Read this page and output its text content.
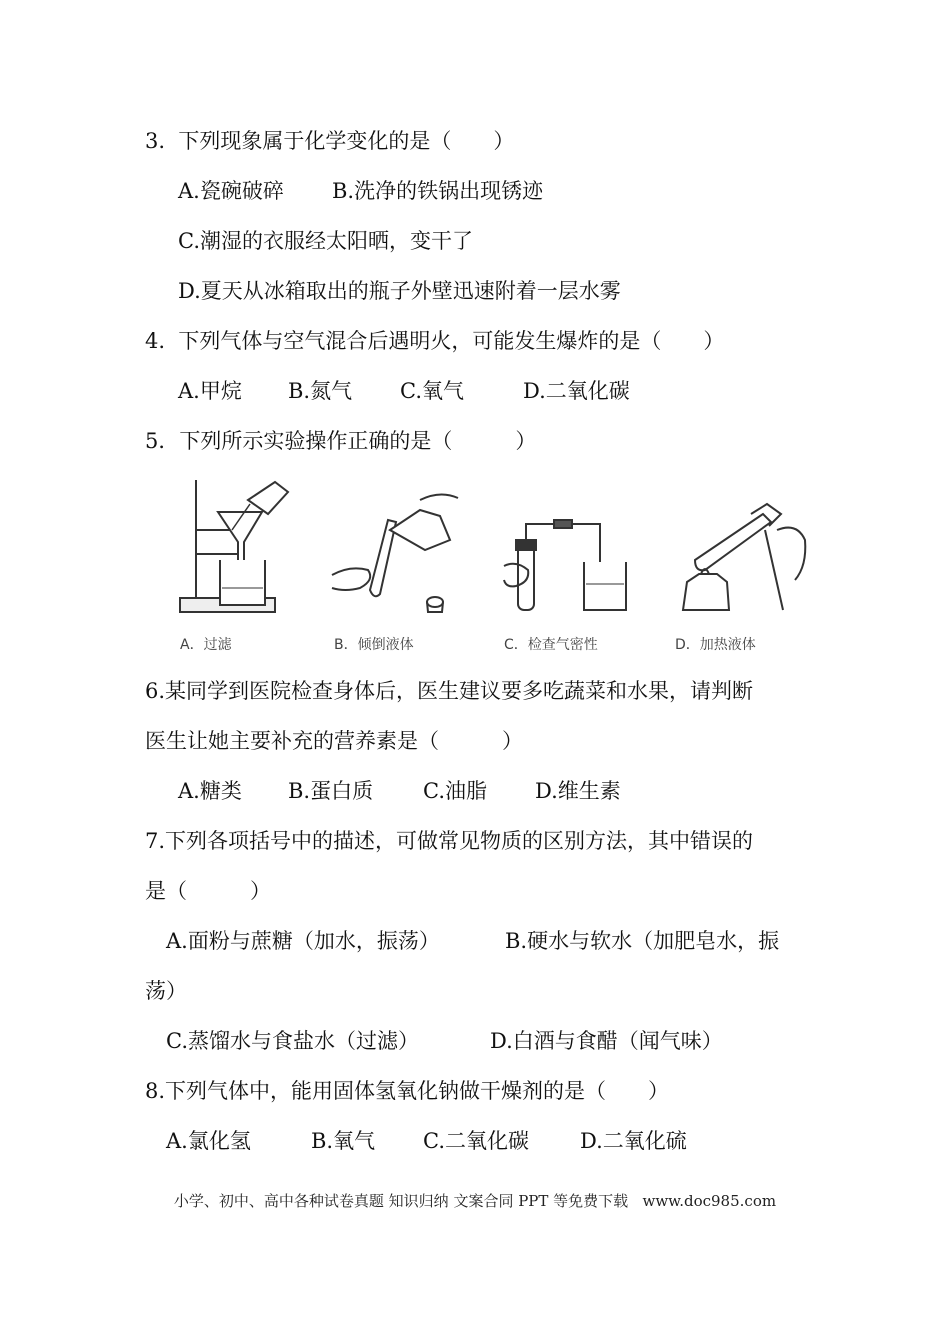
3.  下列现象属于化学变化的是（　　）
A.瓷碗破碎 B.洗净的铁锅出现锈迹
C.潮湿的衣服经太阳晒，变干了
D.夏天从冰箱取出的瓶子外壁迅速附着一层水雾
4.  下列气体与空气混合后遇明火，可能发生爆炸的是（　　）
A.甲烷 B.氮气 C.氧气	D.二氧化碳
5．下列所示实验操作正确的是（　　　）
A．过滤	B．倾倒液体	C．检查气密性	D．加热液体
6.某同学到医院检查身体后，医生建议要多吃蔬菜和水果，请判断
医生让她主要补充的营养素是（　　　）
A.糖类 B.蛋白质 C.油脂 D.维生素
7.下列各项括号中的描述，可做常见物质的区别方法，其中错误的
是（　　　）
A.面粉与蔗糖（加水，振荡）	B.硬水与软水（加肥皂水，振
荡）
C.蒸馏水与食盐水（过滤）	D.白酒与食醋（闻气味）
8.下列气体中，能用固体氢氧化钠做干燥剂的是（　　）
A.氯化氢	B.氧气 C.二氧化碳 D.二氧化硫
小学、初中、高中各种试卷真题 知识归纳 文案合同 PPT 等免费下载   www.doc985.com
